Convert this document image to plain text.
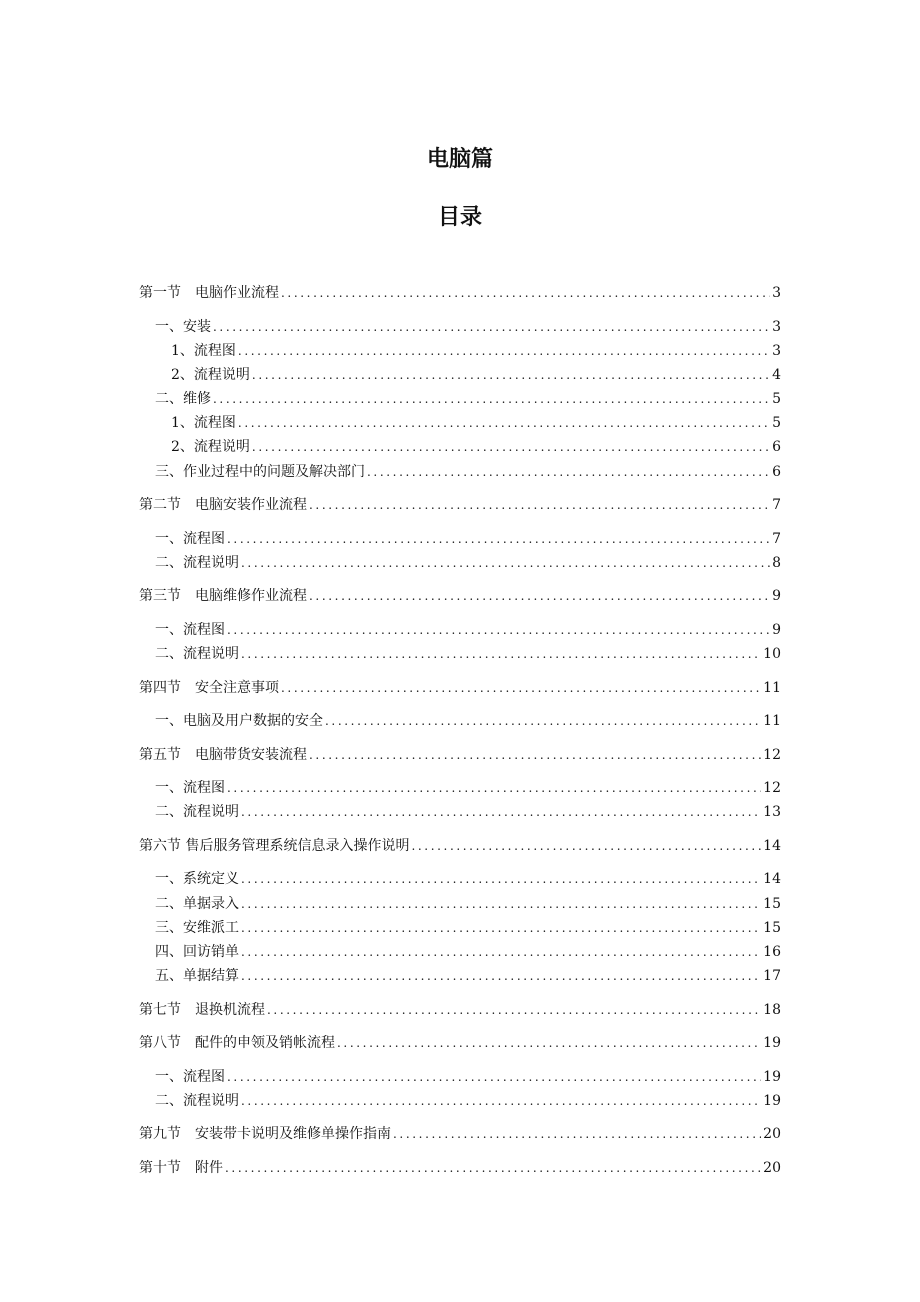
电脑篇
目录
第一节　电脑作业流程 .....	3
一、安装 .....	3
1、流程图 .....	3
2、流程说明 .....	4
二、维修 .....	5
1、流程图 .....	5
2、流程说明 .....	6
三、作业过程中的问题及解决部门 .....	6
第二节　电脑安装作业流程 .....	7
一、流程图 .....	7
二、流程说明 .....	8
第三节　电脑维修作业流程 .....	9
一、流程图 .....	9
二、流程说明 .....	10
第四节　安全注意事项 .....	11
一、电脑及用户数据的安全 .....	11
第五节　电脑带货安装流程 .....	12
一、流程图 .....	12
二、流程说明 .....	13
第六节 售后服务管理系统信息录入操作说明 .....	14
一、系统定义 .....	14
二、单据录入 .....	15
三、安维派工 .....	15
四、回访销单 .....	16
五、单据结算 .....	17
第七节　退换机流程 .....	18
第八节　配件的申领及销帐流程 .....	19
一、流程图 .....	19
二、流程说明 .....	19
第九节　安装带卡说明及维修单操作指南 .....	20
第十节　附件 .....	20
